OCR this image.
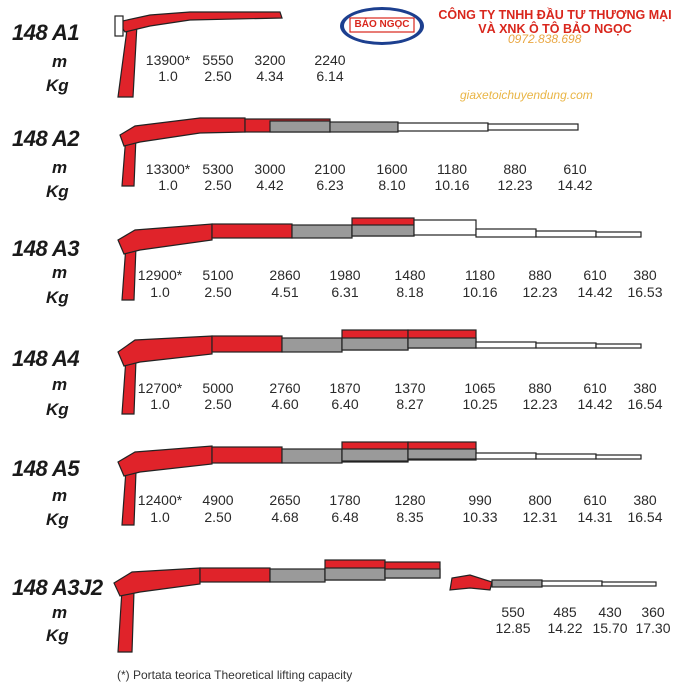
BẢO NGỌC
CÔNG TY TNHH ĐẦU TƯ THƯƠNG MẠI
VÀ XNK Ô TÔ BẢO NGỌC
0972.838.698
giaxetoichuyendung.com
148 A1
m
Kg
13900* 5550	3200	2240
1.0	2.50	4.34	6.14
148 A2
m
Kg
13300* 5300	3000	2100	1600	1180	880	610
1.0	2.50	4.42	6.23	8.10	10.16	12.23	14.42
148 A3
m
Kg
12900*	5100	2860	1980	1480	1180	880	610	380
1.0	2.50	4.51	6.31	8.18	10.16	12.23	14.42	16.53
148 A4
m
Kg
12700*	5000	2760	1870	1370	1065	880	610	380
1.0	2.50	4.60	6.40	8.27	10.25	12.23	14.42	16.54
148 A5
m
Kg
12400*	4900	2650	1780	1280	990	800	610	380
1.0	2.50	4.68	6.48	8.35	10.33	12.31	14.31	16.54
148 A3J2
m
Kg
550	485	430	360
12.85	14.22 15.70 17.30
(*) Portata teorica Theoretical lifting capacity
